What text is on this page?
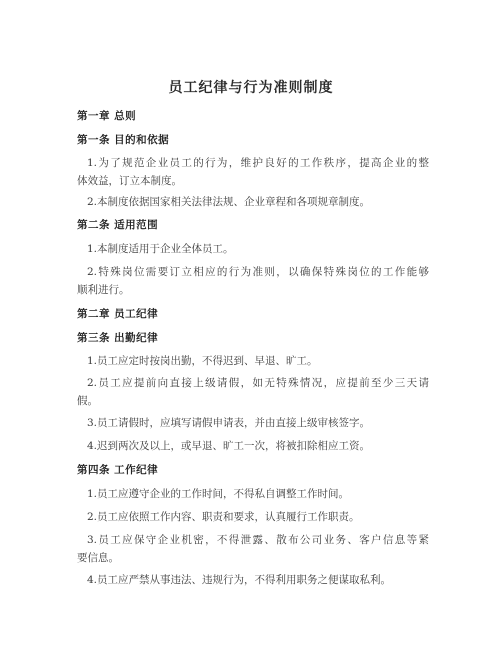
员工纪律与行为准则制度
第一章 总则
第一条 目的和依据
1.为了规范企业员工的行为，维护良好的工作秩序，提高企业的整
体效益，订立本制度。
2.本制度依据国家相关法律法规、企业章程和各项规章制度。
第二条 适用范围
1.本制度适用于企业全体员工。
2.特殊岗位需要订立相应的行为准则，以确保特殊岗位的工作能够
顺利进行。
第二章 员工纪律
第三条 出勤纪律
1.员工应定时按岗出勤，不得迟到、早退、旷工。
2.员工应提前向直接上级请假，如无特殊情况，应提前至少三天请
假。
3.员工请假时，应填写请假申请表，并由直接上级审核签字。
4.迟到两次及以上，或早退、旷工一次，将被扣除相应工资。
第四条 工作纪律
1.员工应遵守企业的工作时间，不得私自调整工作时间。
2.员工应依照工作内容、职责和要求，认真履行工作职责。
3.员工应保守企业机密，不得泄露、散布公司业务、客户信息等紧
要信息。
4.员工应严禁从事违法、违规行为，不得利用职务之便谋取私利。
